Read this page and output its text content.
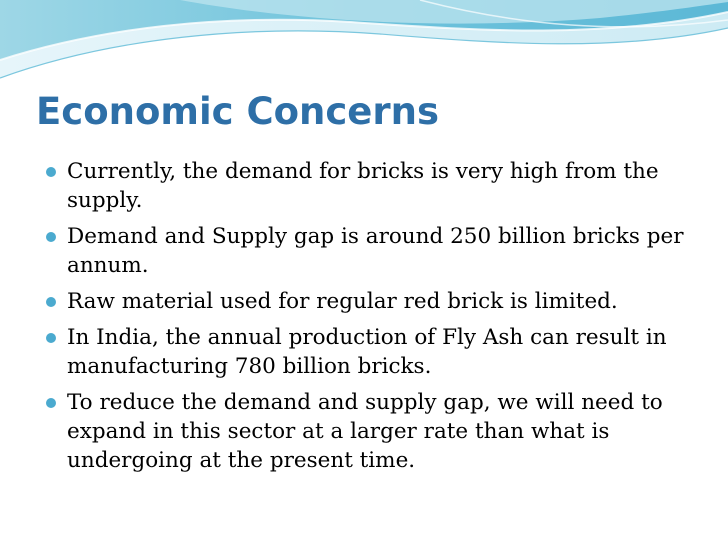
Economic Concerns
Currently, the demand for bricks is very high from the supply.
Demand and Supply gap is around 250 billion bricks per annum.
Raw material used for regular red brick is limited.
In India, the annual production of Fly Ash can result in manufacturing 780 billion bricks.
To reduce the demand and supply gap, we will need to expand in this sector at a larger rate than what is undergoing at the present time.
